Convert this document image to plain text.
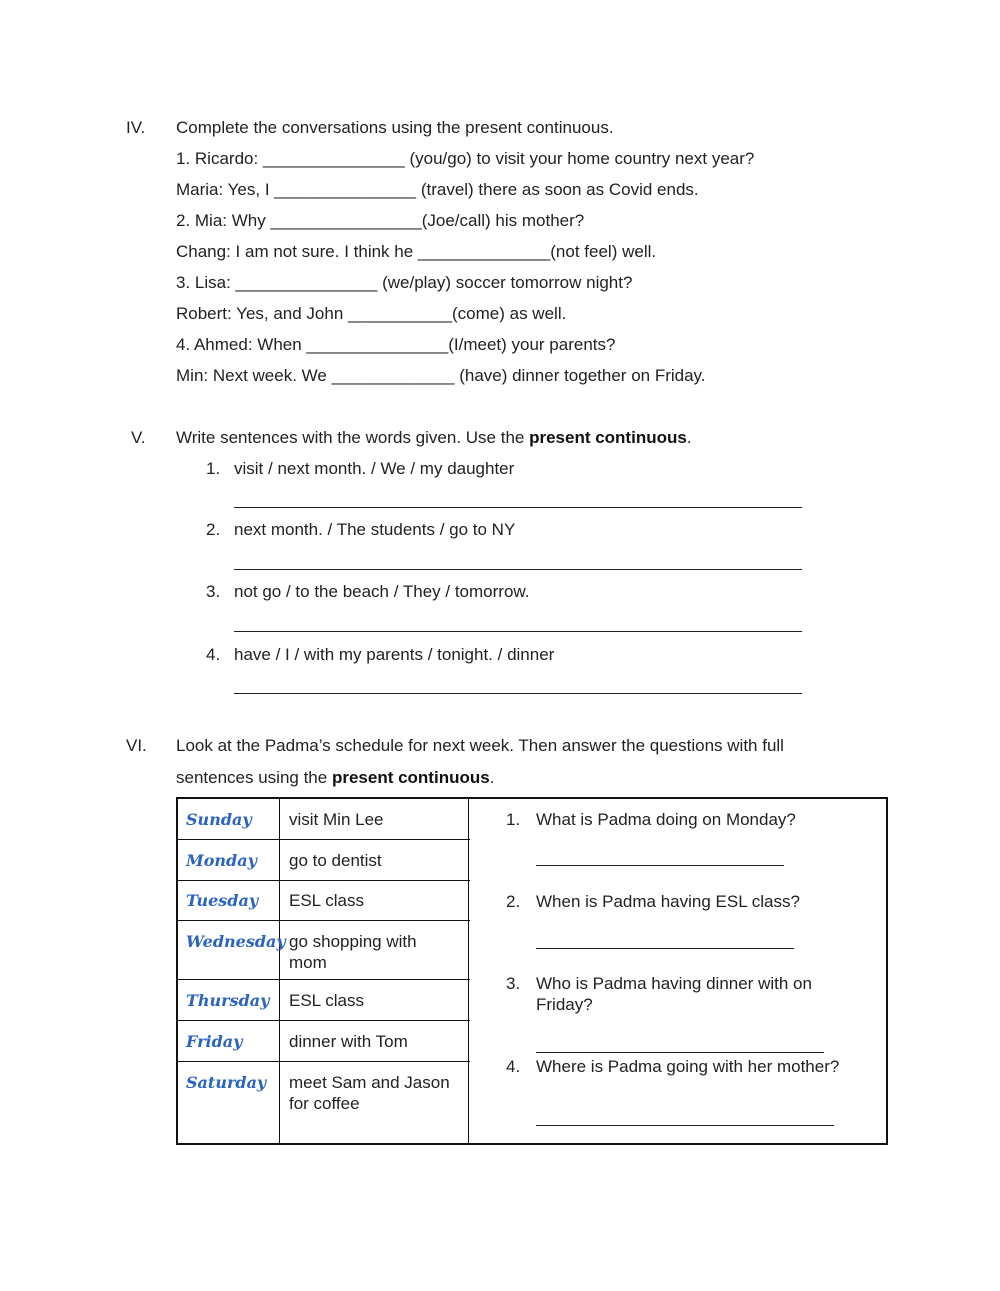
IV. Complete the conversations using the present continuous.
1. Ricardo: _______________ (you/go) to visit your home country next year?
Maria: Yes, I _______________ (travel) there as soon as Covid ends.
2. Mia: Why ________________(Joe/call) his mother?
Chang: I am not sure. I think he ______________(not feel) well.
3. Lisa: _______________ (we/play) soccer tomorrow night?
Robert: Yes, and John ___________(come) as well.
4. Ahmed: When _______________(I/meet) your parents?
Min: Next week. We _____________ (have) dinner together on Friday.
V. Write sentences with the words given. Use the present continuous.
1. visit / next month. / We / my daughter
2. next month. / The students / go to NY
3. not go / to the beach / They / tomorrow.
4. have / I / with my parents / tonight. / dinner
VI. Look at the Padma’s schedule for next week. Then answer the questions with full
sentences using the present continuous.
Sunday visit Min Lee
Monday go to dentist
Tuesday ESL class
Wednesday go shopping with mom
Thursday ESL class
Friday	dinner with Tom
Saturday meet Sam and Jason for coffee
1. What is Padma doing on Monday?
2. When is Padma having ESL class?
3. Who is Padma having dinner with on Friday?
4. Where is Padma going with her mother?
